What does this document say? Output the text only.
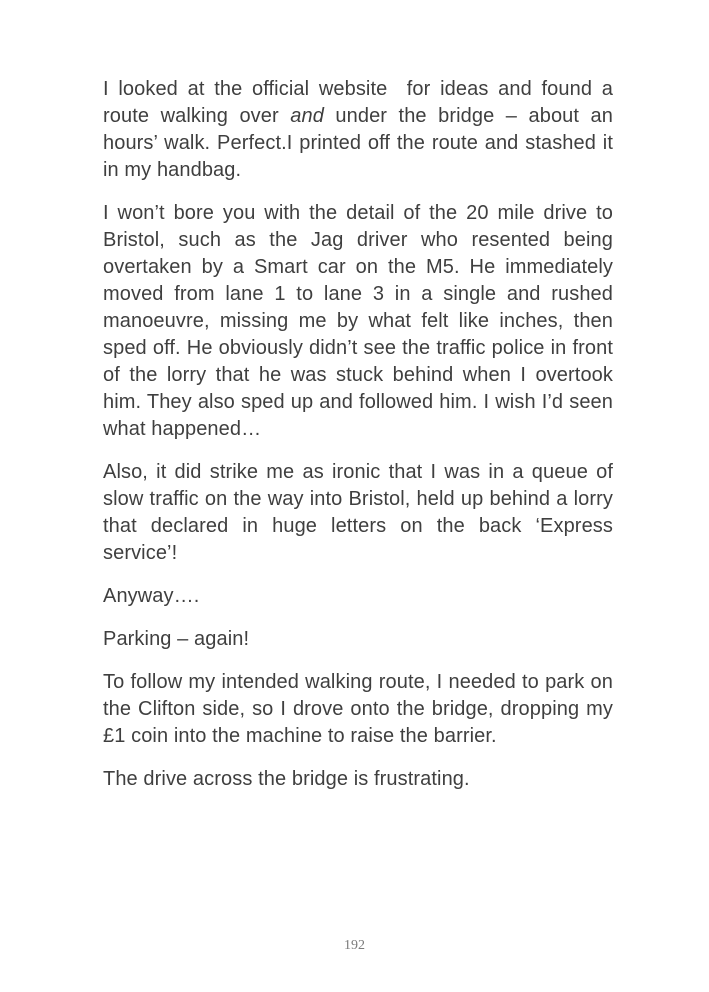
I looked at the official website  for ideas and found a
route walking over and under the bridge – about an
hours’ walk. Perfect.I printed off the route and stashed it
in my handbag.
I won’t bore you with the detail of the 20 mile drive to
Bristol, such as the Jag driver who resented being
overtaken by a Smart car on the M5. He immediately
moved from lane 1 to lane 3 in a single and rushed
manoeuvre, missing me by what felt like inches, then
sped off. He obviously didn’t see the traffic police in front
of the lorry that he was stuck behind when I overtook
him. They also sped up and followed him. I wish I’d seen
what happened…
Also, it did strike me as ironic that I was in a queue of
slow traffic on the way into Bristol, held up behind a lorry
that declared in huge letters on the back ‘Express
service’!
Anyway….
Parking – again!
To follow my intended walking route, I needed to park on
the Clifton side, so I drove onto the bridge, dropping my
£1 coin into the machine to raise the barrier.
The drive across the bridge is frustrating.
192
